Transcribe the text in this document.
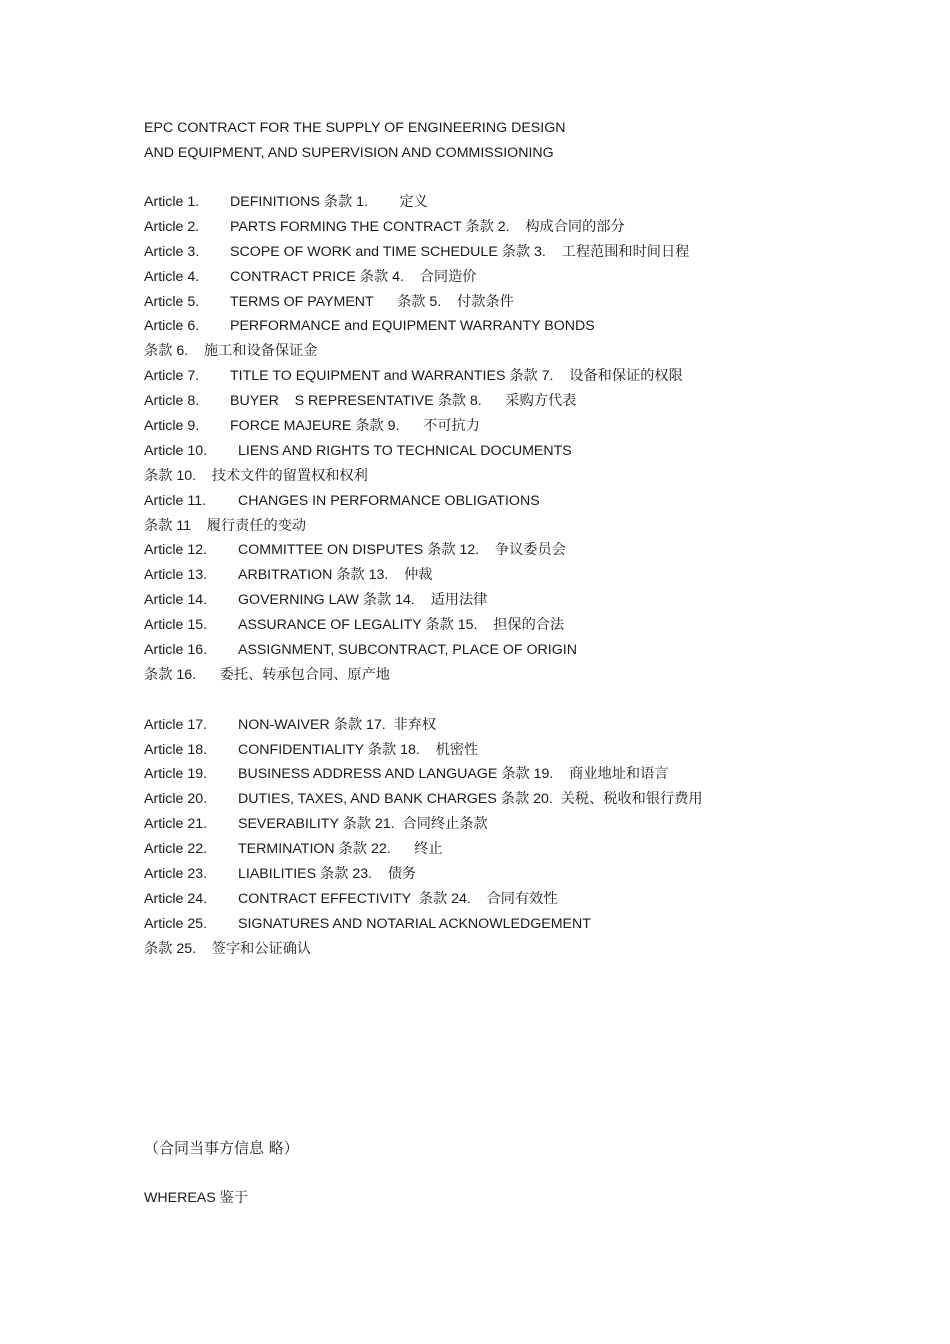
EPC CONTRACT FOR THE SUPPLY OF ENGINEERING DESIGN
AND EQUIPMENT, AND SUPERVISION AND COMMISSIONING
Article 1. DEFINITIONS 条款 1.        定义
Article 2. PARTS FORMING THE CONTRACT 条款 2.    构成合同的部分
Article 3. SCOPE OF WORK and TIME SCHEDULE 条款 3.    工程范围和时间日程
Article 4. CONTRACT PRICE 条款 4.    合同造价
Article 5. TERMS OF PAYMENT      条款 5.    付款条件
Article 6. PERFORMANCE and EQUIPMENT WARRANTY BONDS
条款 6.    施工和设备保证金
Article 7. TITLE TO EQUIPMENT and WARRANTIES 条款 7.    设备和保证的权限
Article 8. BUYER    S REPRESENTATIVE 条款 8.      采购方代表
Article 9. FORCE MAJEURE 条款 9.      不可抗力
Article 10. LIENS AND RIGHTS TO TECHNICAL DOCUMENTS
条款 10.    技术文件的留置权和权利
Article 11. CHANGES IN PERFORMANCE OBLIGATIONS
条款 11    履行责任的变动
Article 12. COMMITTEE ON DISPUTES 条款 12.    争议委员会
Article 13. ARBITRATION 条款 13.    仲裁
Article 14. GOVERNING LAW 条款 14.    适用法律
Article 15. ASSURANCE OF LEGALITY 条款 15.    担保的合法
Article 16. ASSIGNMENT, SUBCONTRACT, PLACE OF ORIGIN
条款 16.      委托、转承包合同、原产地
Article 17. NON-WAIVER 条款 17.  非弃权
Article 18. CONFIDENTIALITY 条款 18.    机密性
Article 19. BUSINESS ADDRESS AND LANGUAGE 条款 19.    商业地址和语言
Article 20. DUTIES, TAXES, AND BANK CHARGES 条款 20.  关税、税收和银行费用
Article 21. SEVERABILITY 条款 21.  合同终止条款
Article 22. TERMINATION 条款 22.      终止
Article 23. LIABILITIES 条款 23.    债务
Article 24. CONTRACT EFFECTIVITY  条款 24.    合同有效性
Article 25. SIGNATURES AND NOTARIAL ACKNOWLEDGEMENT
条款 25.    签字和公证确认
（合同当事方信息 略）
WHEREAS 鉴于
